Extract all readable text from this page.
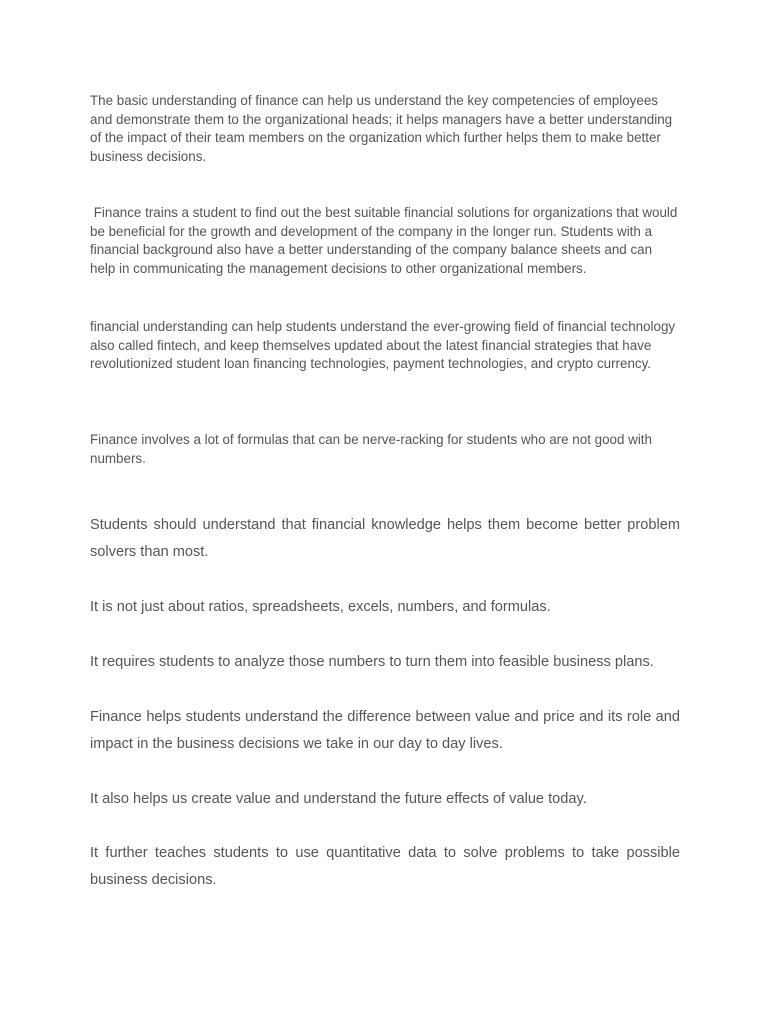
The basic understanding of finance can help us understand the key competencies of employees and demonstrate them to the organizational heads; it helps managers have a better understanding of the impact of their team members on the organization which further helps them to make better business decisions.

Finance trains a student to find out the best suitable financial solutions for organizations that would be beneficial for the growth and development of the company in the longer run. Students with a financial background also have a better understanding of the company balance sheets and can help in communicating the management decisions to other organizational members.

financial understanding can help students understand the ever-growing field of financial technology also called fintech, and keep themselves updated about the latest financial strategies that have revolutionized student loan financing technologies, payment technologies, and crypto currency.

Finance involves a lot of formulas that can be nerve-racking for students who are not good with numbers.

Students should understand that financial knowledge helps them become better problem solvers than most.

It is not just about ratios, spreadsheets, excels, numbers, and formulas.

It requires students to analyze those numbers to turn them into feasible business plans.

Finance helps students understand the difference between value and price and its role and impact in the business decisions we take in our day to day lives.

It also helps us create value and understand the future effects of value today.

It further teaches students to use quantitative data to solve problems to take possible business decisions.
